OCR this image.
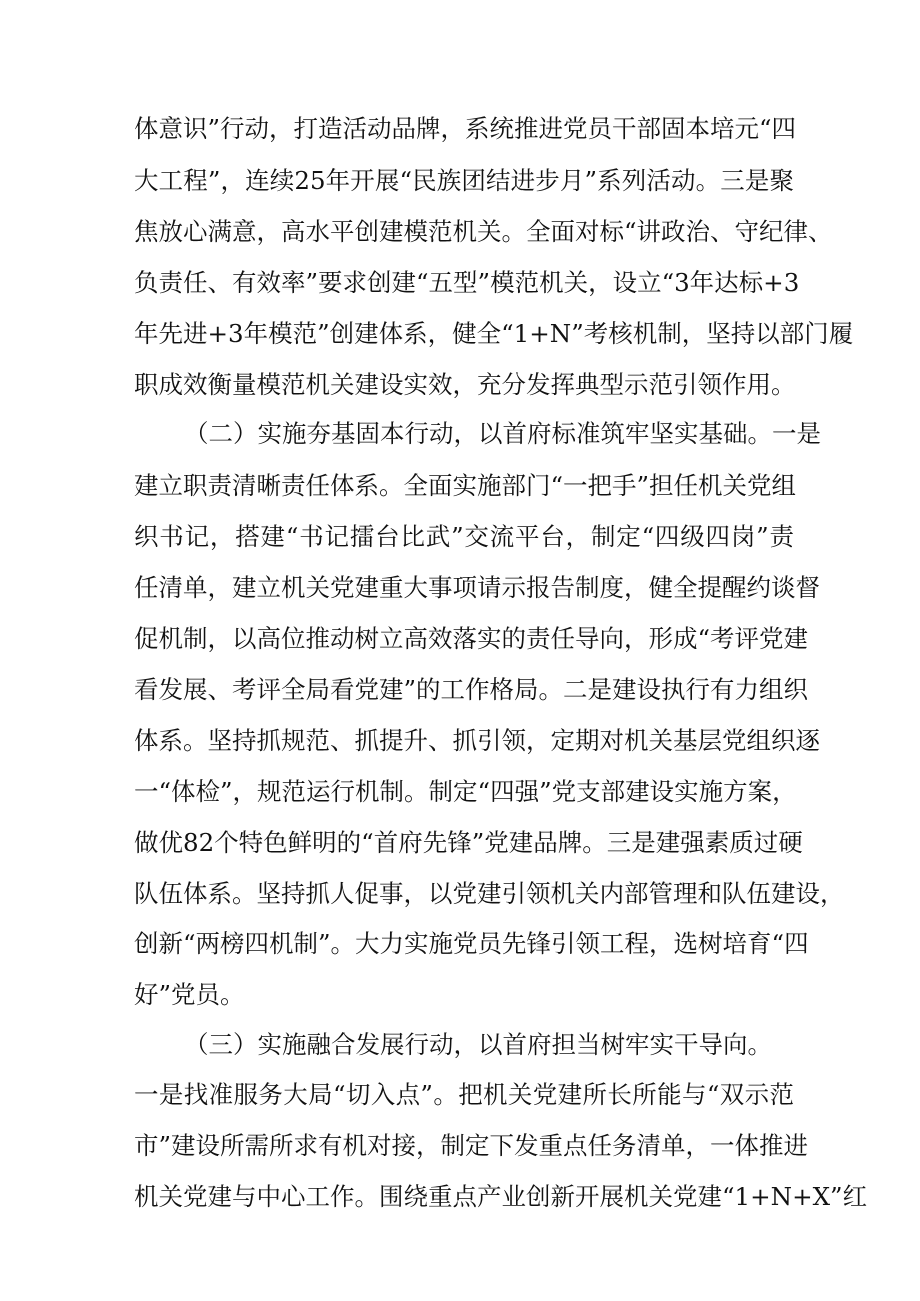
体意识”行动，打造活动品牌，系统推进党员干部固本培元“四
大工程”，连续25年开展“民族团结进步月”系列活动。三是聚
焦放心满意，高水平创建模范机关。全面对标“讲政治、守纪律、
负责任、有效率”要求创建“五型”模范机关，设立“3年达标+3
年先进+3年模范”创建体系，健全“1+N”考核机制，坚持以部门履
职成效衡量模范机关建设实效，充分发挥典型示范引领作用。
（二）实施夯基固本行动，以首府标准筑牢坚实基础。一是
建立职责清晰责任体系。全面实施部门“一把手”担任机关党组
织书记，搭建“书记擂台比武”交流平台，制定“四级四岗”责
任清单，建立机关党建重大事项请示报告制度，健全提醒约谈督
促机制，以高位推动树立高效落实的责任导向，形成“考评党建
看发展、考评全局看党建”的工作格局。二是建设执行有力组织
体系。坚持抓规范、抓提升、抓引领，定期对机关基层党组织逐
一“体检”，规范运行机制。制定“四强”党支部建设实施方案，
做优82个特色鲜明的“首府先锋”党建品牌。三是建强素质过硬
队伍体系。坚持抓人促事，以党建引领机关内部管理和队伍建设，
创新“两榜四机制”。大力实施党员先锋引领工程，选树培育“四
好”党员。
（三）实施融合发展行动，以首府担当树牢实干导向。
一是找准服务大局“切入点”。把机关党建所长所能与“双示范
市”建设所需所求有机对接，制定下发重点任务清单，一体推进
机关党建与中心工作。围绕重点产业创新开展机关党建“1+N+X”红
